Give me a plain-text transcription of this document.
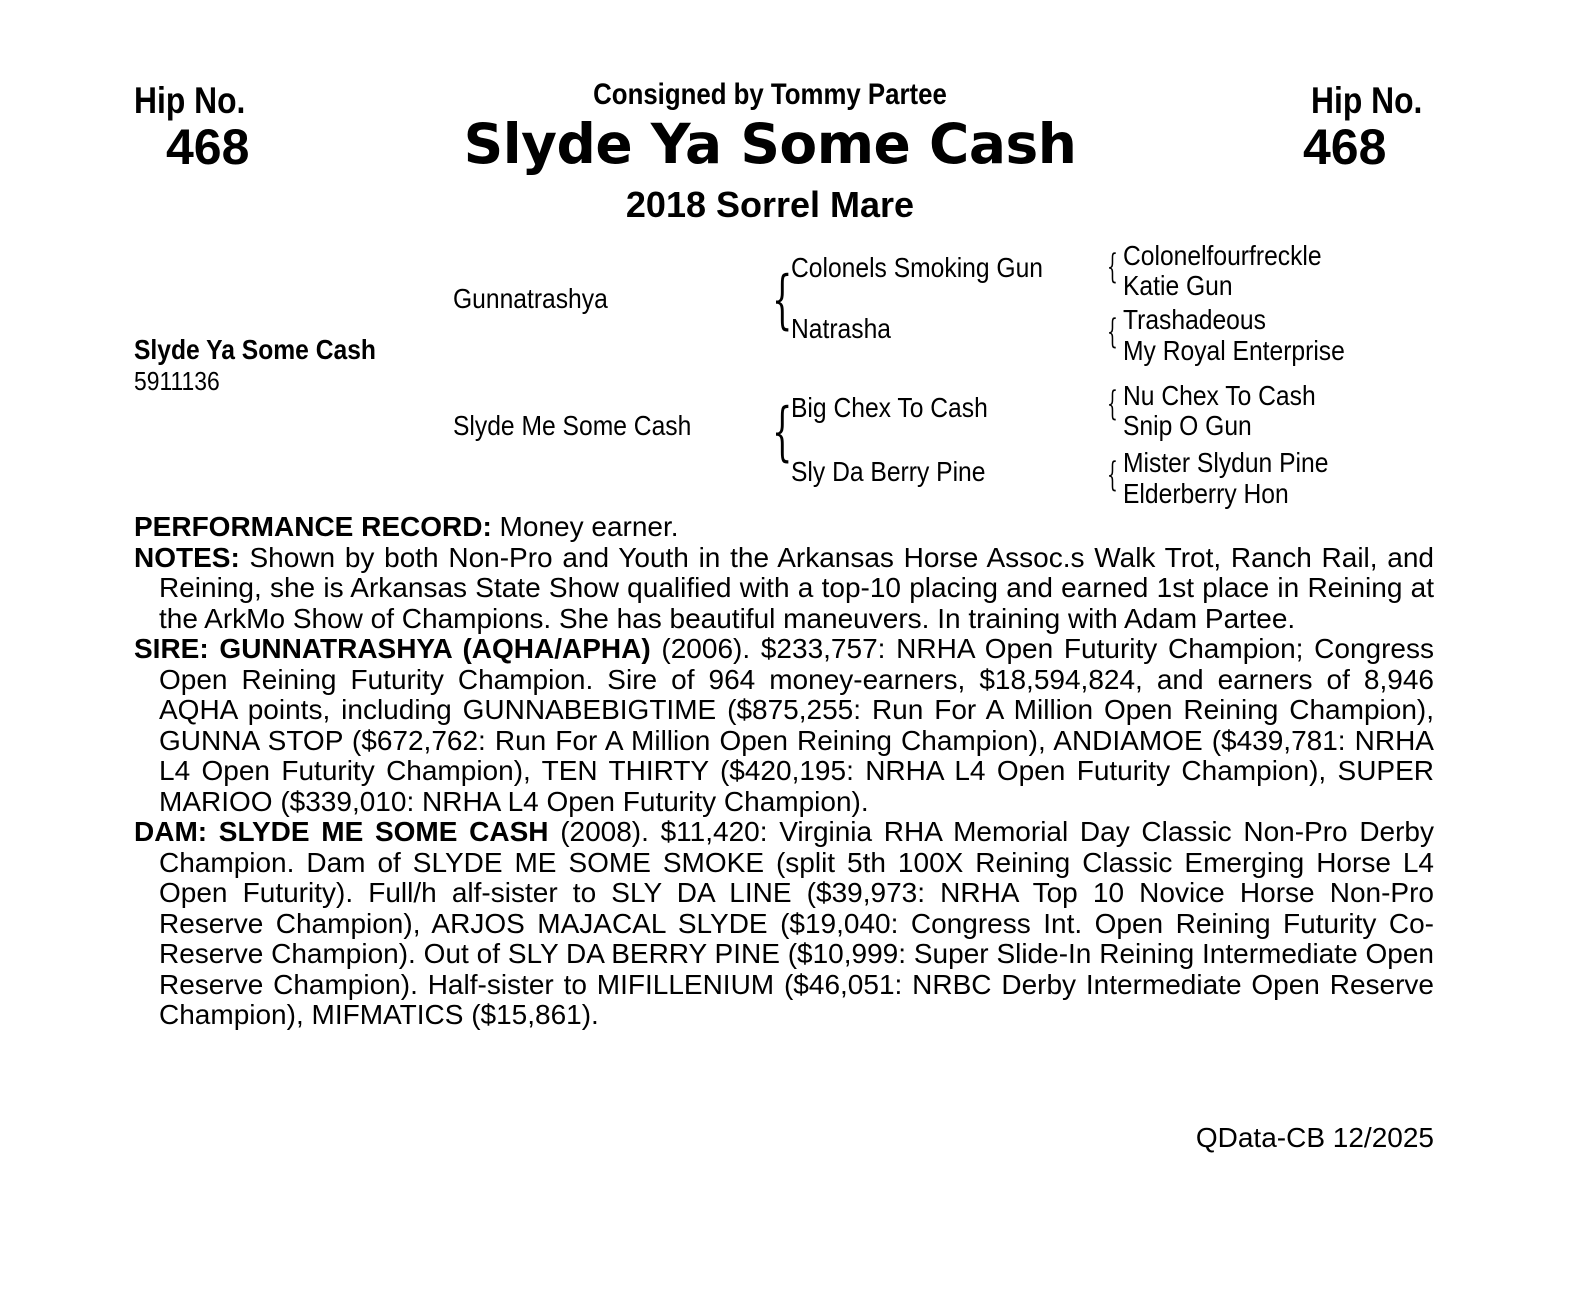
Hip No.
468
Hip No.
468
Consigned by Tommy Partee
Slyde Ya Some Cash
2018 Sorrel Mare
Slyde Ya Some Cash
5911136
Gunnatrashya
Slyde Me Some Cash
{
{
Colonels Smoking Gun
Natrasha
Big Chex To Cash
Sly Da Berry Pine
{
{
{
{
Colonelfourfreckle
Katie Gun
Trashadeous
My Royal Enterprise
Nu Chex To Cash
Snip O Gun
Mister Slydun Pine
Elderberry Hon

PERFORMANCE RECORD: Money earner.

NOTES: Shown by both Non-Pro and Youth in the Arkansas Horse Assoc.s Walk Trot, Ranch Rail, and Reining, she is Arkansas State Show qualified with a top-10 placing and earned 1st place in Reining at the ArkMo Show of Champions. She has beautiful maneuvers. In training with Adam Partee.

SIRE: GUNNATRASHYA (AQHA/APHA) (2006). $233,757: NRHA Open Futurity Champion; Congress Open Reining Futurity Champion. Sire of 964 money-earners, $18,594,824, and earners of 8,946 AQHA points, including GUNNABEBIGTIME ($875,255: Run For A Million Open Reining Champion), GUNNA STOP ($672,762: Run For A Million Open Reining Champion), ANDIAMOE ($439,781: NRHA L4 Open Futurity Champion), TEN THIRTY ($420,195: NRHA L4 Open Futurity Champion), SUPER MARIOO ($339,010: NRHA L4 Open Futurity Champion).

DAM: SLYDE ME SOME CASH (2008). $11,420: Virginia RHA Memorial Day Classic Non-Pro Derby Champion. Dam of SLYDE ME SOME SMOKE (split 5th 100X Reining Classic Emerging Horse L4 Open Futurity). Full/h alf-sister to SLY DA LINE ($39,973: NRHA Top 10 Novice Horse Non-Pro Reserve Champion), ARJOS MAJACAL SLYDE ($19,040: Congress Int. Open Reining Futurity Co-Reserve Champion). Out of SLY DA BERRY PINE ($10,999: Super Slide-In Reining Intermediate Open Reserve Champion). Half-sister to MIFILLENIUM ($46,051: NRBC Derby Intermediate Open Reserve Champion), MIFMATICS ($15,861).

QData-CB 12/2025
